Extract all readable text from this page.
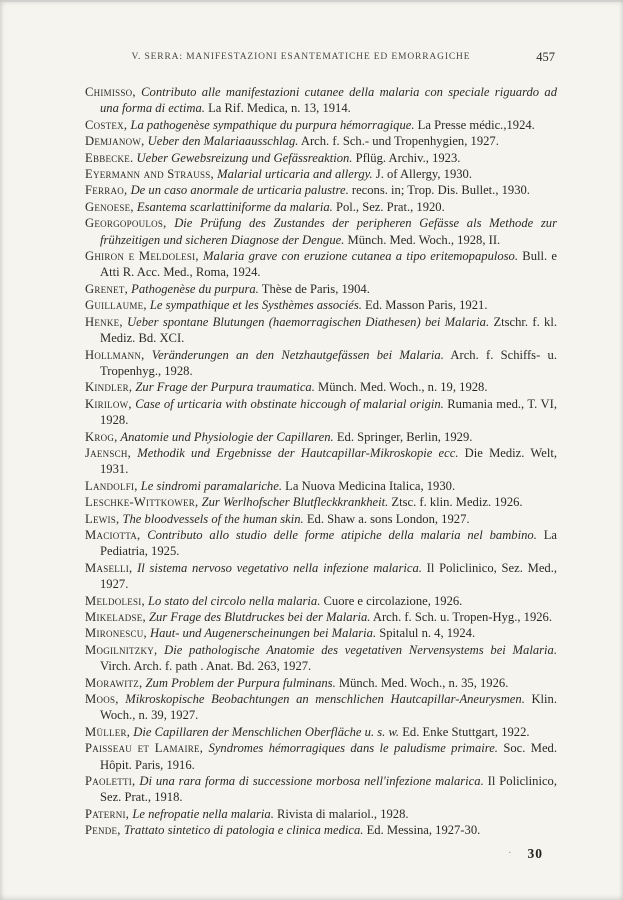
V. SERRA: MANIFESTAZIONI ESANTEMATICHE ED EMORRAGICHE	457

Chimisso, Contributo alle manifestazioni cutanee della malaria con speciale riguardo ad una forma di ectima. La Rif. Medica, n. 13, 1914.

Costex, La pathogenèse sympathique du purpura hémorragique. La Presse médic.,1924.

Demjanow, Ueber den Malariaausschlag. Arch. f. Sch.- und Tropenhygien, 1927.

Ebbecke. Ueber Gewebsreizung und Gefässreaktion. Pflüg. Archiv., 1923.

Eyermann and Strauss, Malarial urticaria and allergy. J. of Allergy, 1930.

Ferrao, De un caso anormale de urticaria palustre. recons. in; Trop. Dis. Bullet., 1930.

Genoese, Esantema scarlattiniforme da malaria. Pol., Sez. Prat., 1920.

Georgopoulos, Die Prüfung des Zustandes der peripheren Gefässe als Methode zur frühzeitigen und sicheren Diagnose der Dengue. Münch. Med. Woch., 1928, II.

Ghiron e Meldolesi, Malaria grave con eruzione cutanea a tipo eritemopapuloso. Bull. e Atti R. Acc. Med., Roma, 1924.

Grenet, Pathogenèse du purpura. Thèse de Paris, 1904.

Guillaume, Le sympathique et les Systhèmes associés. Ed. Masson Paris, 1921.

Henke, Ueber spontane Blutungen (haemorragischen Diathesen) bei Malaria. Ztschr. f. kl. Mediz. Bd. XCI.

Hollmann, Veränderungen an den Netzhautgefässen bei Malaria. Arch. f. Schiffs- u. Tropenhyg., 1928.

Kindler, Zur Frage der Purpura traumatica. Münch. Med. Woch., n. 19, 1928.

Kirilow, Case of urticaria with obstinate hiccough of malarial origin. Rumania med., T. VI, 1928.

Krog, Anatomie und Physiologie der Capillaren. Ed. Springer, Berlin, 1929.

Jaensch, Methodik und Ergebnisse der Hautcapillar-Mikroskopie ecc. Die Mediz. Welt, 1931.

Landolfi, Le sindromi paramalariche. La Nuova Medicina Italica, 1930.

Leschke-Wittkower, Zur Werlhofscher Blutfleckkrankheit. Ztsc. f. klin. Mediz. 1926.

Lewis, The bloodvessels of the human skin. Ed. Shaw a. sons London, 1927.

Maciotta, Contributo allo studio delle forme atipiche della malaria nel bambino. La Pediatria, 1925.

Maselli, Il sistema nervoso vegetativo nella infezione malarica. Il Policlinico, Sez. Med., 1927.

Meldolesi, Lo stato del circolo nella malaria. Cuore e circolazione, 1926.

Mikeladse, Zur Frage des Blutdruckes bei der Malaria. Arch. f. Sch. u. Tropen-Hyg., 1926.

Mironescu, Haut- und Augenerscheinungen bei Malaria. Spitalul n. 4, 1924.

Mogilnitzky, Die pathologische Anatomie des vegetativen Nervensystems bei Malaria. Virch. Arch. f. path . Anat. Bd. 263, 1927.

Morawitz, Zum Problem der Purpura fulminans. Münch. Med. Woch., n. 35, 1926.

Moos, Mikroskopische Beobachtungen an menschlichen Hautcapillar-Aneurysmen. Klin. Woch., n. 39, 1927.

Müller, Die Capillaren der Menschlichen Oberfläche u. s. w. Ed. Enke Stuttgart, 1922.

Paisseau et Lamaire, Syndromes hémorragiques dans le paludisme primaire. Soc. Med. Hôpit. Paris, 1916.

Paoletti, Di una rara forma di successione morbosa nell'infezione malarica. Il Policlinico, Sez. Prat., 1918.

Paterni, Le nefropatie nella malaria. Rivista di malariol., 1928.

Pende, Trattato sintetico di patologia e clinica medica. Ed. Messina, 1927-30.

· 30
